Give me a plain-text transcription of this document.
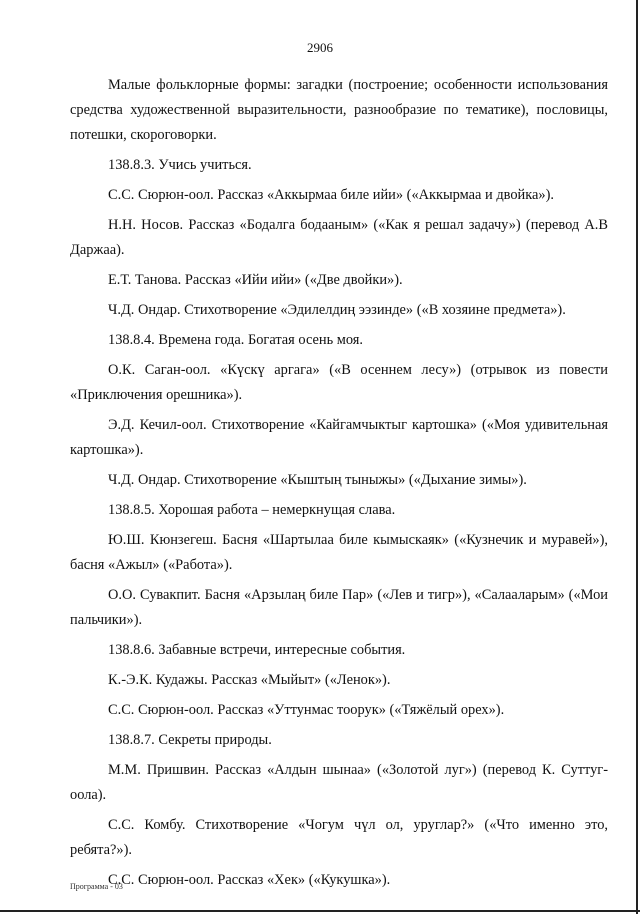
2906

Малые фольклорные формы: загадки (построение; особенности использования средства художественной выразительности, разнообразие по тематике), пословицы, потешки, скороговорки.

138.8.3. Учись учиться.

С.С. Сюрюн-оол. Рассказ «Аккырмаа биле ийи» («Аккырмаа и двойка»).

Н.Н. Носов. Рассказ «Бодалга бодааным» («Как я решал задачу») (перевод А.В Даржаа).

Е.Т. Танова. Рассказ «Ийи ийи» («Две двойки»).

Ч.Д. Ондар. Стихотворение «Эдилелдиң ээзинде» («В хозяине предмета»).

138.8.4. Времена года. Богатая осень моя.

О.К. Саган-оол. «Күскү аргага» («В осеннем лесу») (отрывок из повести «Приключения орешника»).

Э.Д. Кечил-оол. Стихотворение «Кайгамчыктыг картошка» («Моя удивительная картошка»).

Ч.Д. Ондар. Стихотворение «Кыштың тыныжы» («Дыхание зимы»).

138.8.5. Хорошая работа – немеркнущая слава.

Ю.Ш. Кюнзегеш. Басня «Шартылаа биле кымыскаяк» («Кузнечик и муравей»), басня «Ажыл» («Работа»).

О.О. Сувакпит. Басня «Арзылаң биле Пар» («Лев и тигр»), «Салааларым» («Мои пальчики»).

138.8.6. Забавные встречи, интересные события.

К.-Э.К. Кудажы. Рассказ «Мыйыт» («Ленок»).

С.С. Сюрюн-оол. Рассказ «Уттунмас тоорук» («Тяжёлый орех»).

138.8.7. Секреты природы.

М.М. Пришвин. Рассказ «Алдын шынаа» («Золотой луг») (перевод К. Суттуг-оола).

С.С. Комбу. Стихотворение «Чогум чүл ол, уруглар?» («Что именно это, ребята?»).

С.С. Сюрюн-оол. Рассказ «Хек» («Кукушка»).

Программа - 03
